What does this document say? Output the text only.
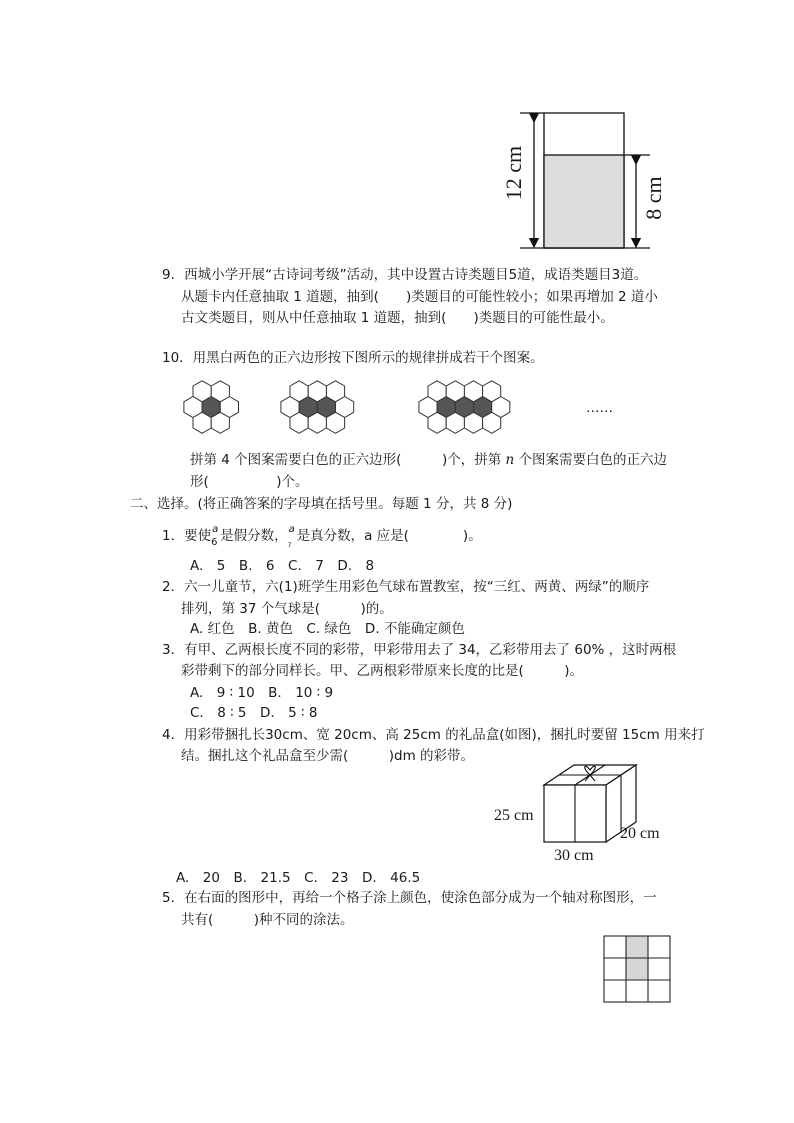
12 cm	8 cm
9．西城小学开展“古诗词考级”活动，其中设置古诗类题目5道，成语类题目3道。
从题卡内任意抽取 1 道题，抽到(　　)类题目的可能性较小；如果再增加 2 道小
古文类题目，则从中任意抽取 1 道题，抽到(　　)类题目的可能性最小。
10．用黑白两色的正六边形按下图所示的规律拼成若干个图案。
……
拼第 4 个图案需要白色的正六边形(　　　)个，拼第 n 个图案需要白色的正六边
形(　　　　　)个。
二、选择。(将正确答案的字母填在括号里。每题 1 分，共 8 分)
1．要使 a
6 是假分数， a
7
是真分数，a 应是(　　　　)。
A.　5　B.　6　C.　7　D.　8
2．六一儿童节，六(1)班学生用彩色气球布置教室，按“三红、两黄、两绿”的顺序
排列，第 37 个气球是(　　　)的。
A. 红色　B. 黄色　C. 绿色　D. 不能确定颜色
3．有甲、乙两根长度不同的彩带，甲彩带用去了 34，乙彩带用去了 60% ，这时两根
彩带剩下的部分同样长。甲、乙两根彩带原来长度的比是(　　　)。
A.　9 ∶ 10　B.　10 ∶ 9
C.　8 ∶ 5　D.　5 ∶ 8
4．用彩带捆扎长30cm、宽 20cm、高 25cm 的礼品盒(如图)，捆扎时要留 15cm 用来打
结。捆扎这个礼品盒至少需(　　　)dm 的彩带。
25 cm
20 cm
30 cm
A.　20　B.　21.5　C.　23　D.　46.5
5．在右面的图形中，再给一个格子涂上颜色，使涂色部分成为一个轴对称图形，一
共有(　　　)种不同的涂法。
